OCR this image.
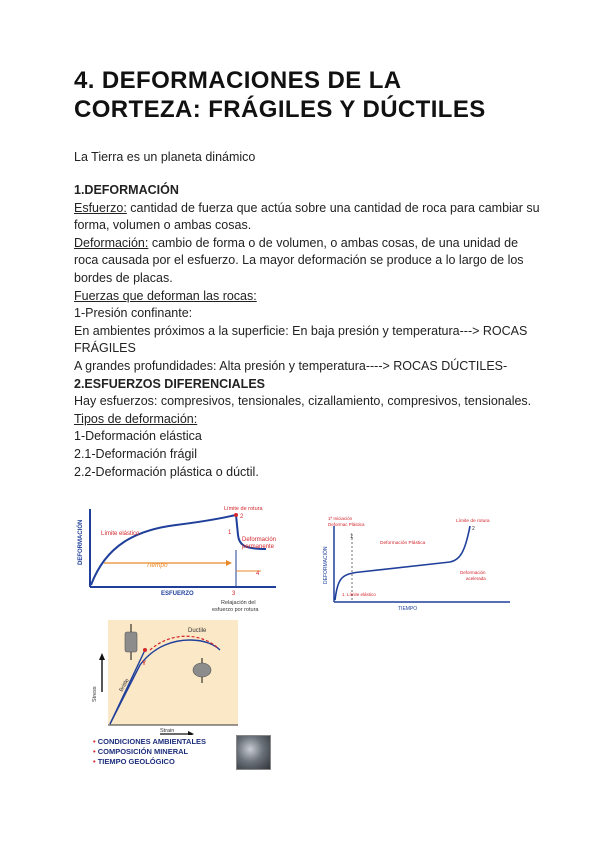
4. DEFORMACIONES DE LA
CORTEZA: FRÁGILES Y DÚCTILES
La Tierra es un planeta dinámico

1.DEFORMACIÓN

Esfuerzo: cantidad de fuerza que actúa sobre una cantidad de roca para cambiar su forma, volumen o ambas cosas.

Deformación: cambio de forma o de volumen, o ambas cosas, de una unidad de roca causada por el esfuerzo. La mayor deformación se produce a lo largo de los bordes de placas.

Fuerzas que deforman las rocas:

1-Presión confinante:

En ambientes próximos a la superficie: En baja presión y temperatura---> ROCAS FRÁGILES

A grandes profundidades: Alta presión y temperatura----> ROCAS DÚCTILES-

2.ESFUERZOS DIFERENCIALES

Hay esfuerzos: compresivos, tensionales, cizallamiento, compresivos, tensionales.

Tipos de deformación:

1-Deformación elástica

2.1-Deformación frágil

2.2-Deformación plástica o dúctil.

DEFORMACIÓN
ESFUERZO
Límite elástico
Límite de rotura
2
1
Tiempo
Deformación
permanente
4
3
Relajación del
esfuerzo por rotura
DEFORMACIÓN
TIEMPO
1ª Iniciación
Deformac Plástica
1
Deformación Plástica
Límite de rotura
2
Deformación
acelerada
1. Límite elástico
Stress
Strain
Ductile
Brittle
Y
• CONDICIONES AMBIENTALES
• COMPOSICIÓN MINERAL
• TIEMPO GEOLÓGICO
